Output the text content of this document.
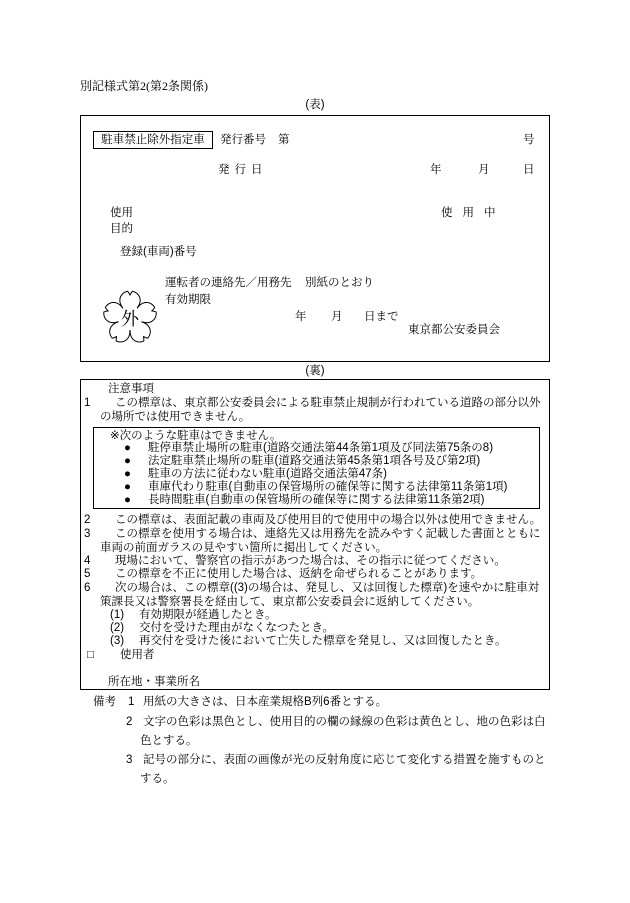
別記様式第2(第2条関係)
(表)
駐車禁止除外指定車	発行番号 第	号
発行日	年	月	日
使用
目的
使用中
登録(車両)番号
運転者の連絡先／用務先 別紙のとおり
有効期限
外	年 月 日まで
東京都公安委員会
(裏)
注意事項
1 この標章は、東京都公安委員会による駐車禁止規制が行われている道路の部分以外
の場所では使用できません。
※次のような駐車はできません。
● 駐停車禁止場所の駐車(道路交通法第44条第1項及び同法第75条の8)
● 法定駐車禁止場所の駐車(道路交通法第45条第1項各号及び第2項)
● 駐車の方法に従わない駐車(道路交通法第47条)
● 車庫代わり駐車(自動車の保管場所の確保等に関する法律第11条第1項)
● 長時間駐車(自動車の保管場所の確保等に関する法律第11条第2項)
2 この標章は、表面記載の車両及び使用目的で使用中の場合以外は使用できません。
3 この標章を使用する場合は、連絡先又は用務先を読みやすく記載した書面とともに
車両の前面ガラスの見やすい箇所に掲出してください。
4 現場において、警察官の指示があつた場合は、その指示に従つてください。
5 この標章を不正に使用した場合は、返納を命ぜられることがあります。
6 次の場合は、この標章((3)の場合は、発見し、又は回復した標章)を速やかに駐車対
策課長又は警察署長を経由して、東京都公安委員会に返納してください。
(1) 有効期限が経過したとき。
(2) 交付を受けた理由がなくなつたとき。
(3) 再交付を受けた後において亡失した標章を発見し、又は回復したとき。
□ 使用者
所在地・事業所名
備考 1 用紙の大きさは、日本産業規格B列6番とする。
2 文字の色彩は黒色とし、使用目的の欄の縁線の色彩は黄色とし、地の色彩は白
色とする。
3 記号の部分に、表面の画像が光の反射角度に応じて変化する措置を施すものと
する。
